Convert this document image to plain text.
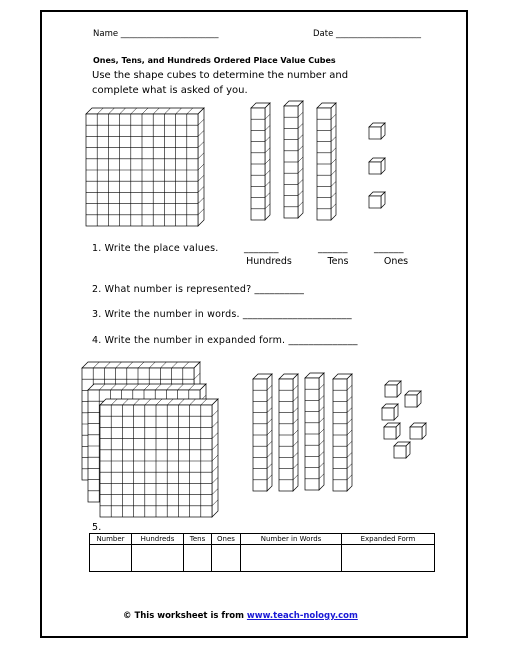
Name _______________________	Date ____________________
Ones, Tens, and Hundreds Ordered Place Value Cubes
Use the shape cubes to determine the number and
complete what is asked of you.
1. Write the place values.	_______	______	______
Hundreds	Tens	Ones
2. What number is represented? __________
3. Write the number in words. ______________________
4. Write the number in expanded form. ______________
5.
Number	Hundreds	Tens	Ones	Number in Words	Expanded Form

© This worksheet is from www.teach-nology.com
